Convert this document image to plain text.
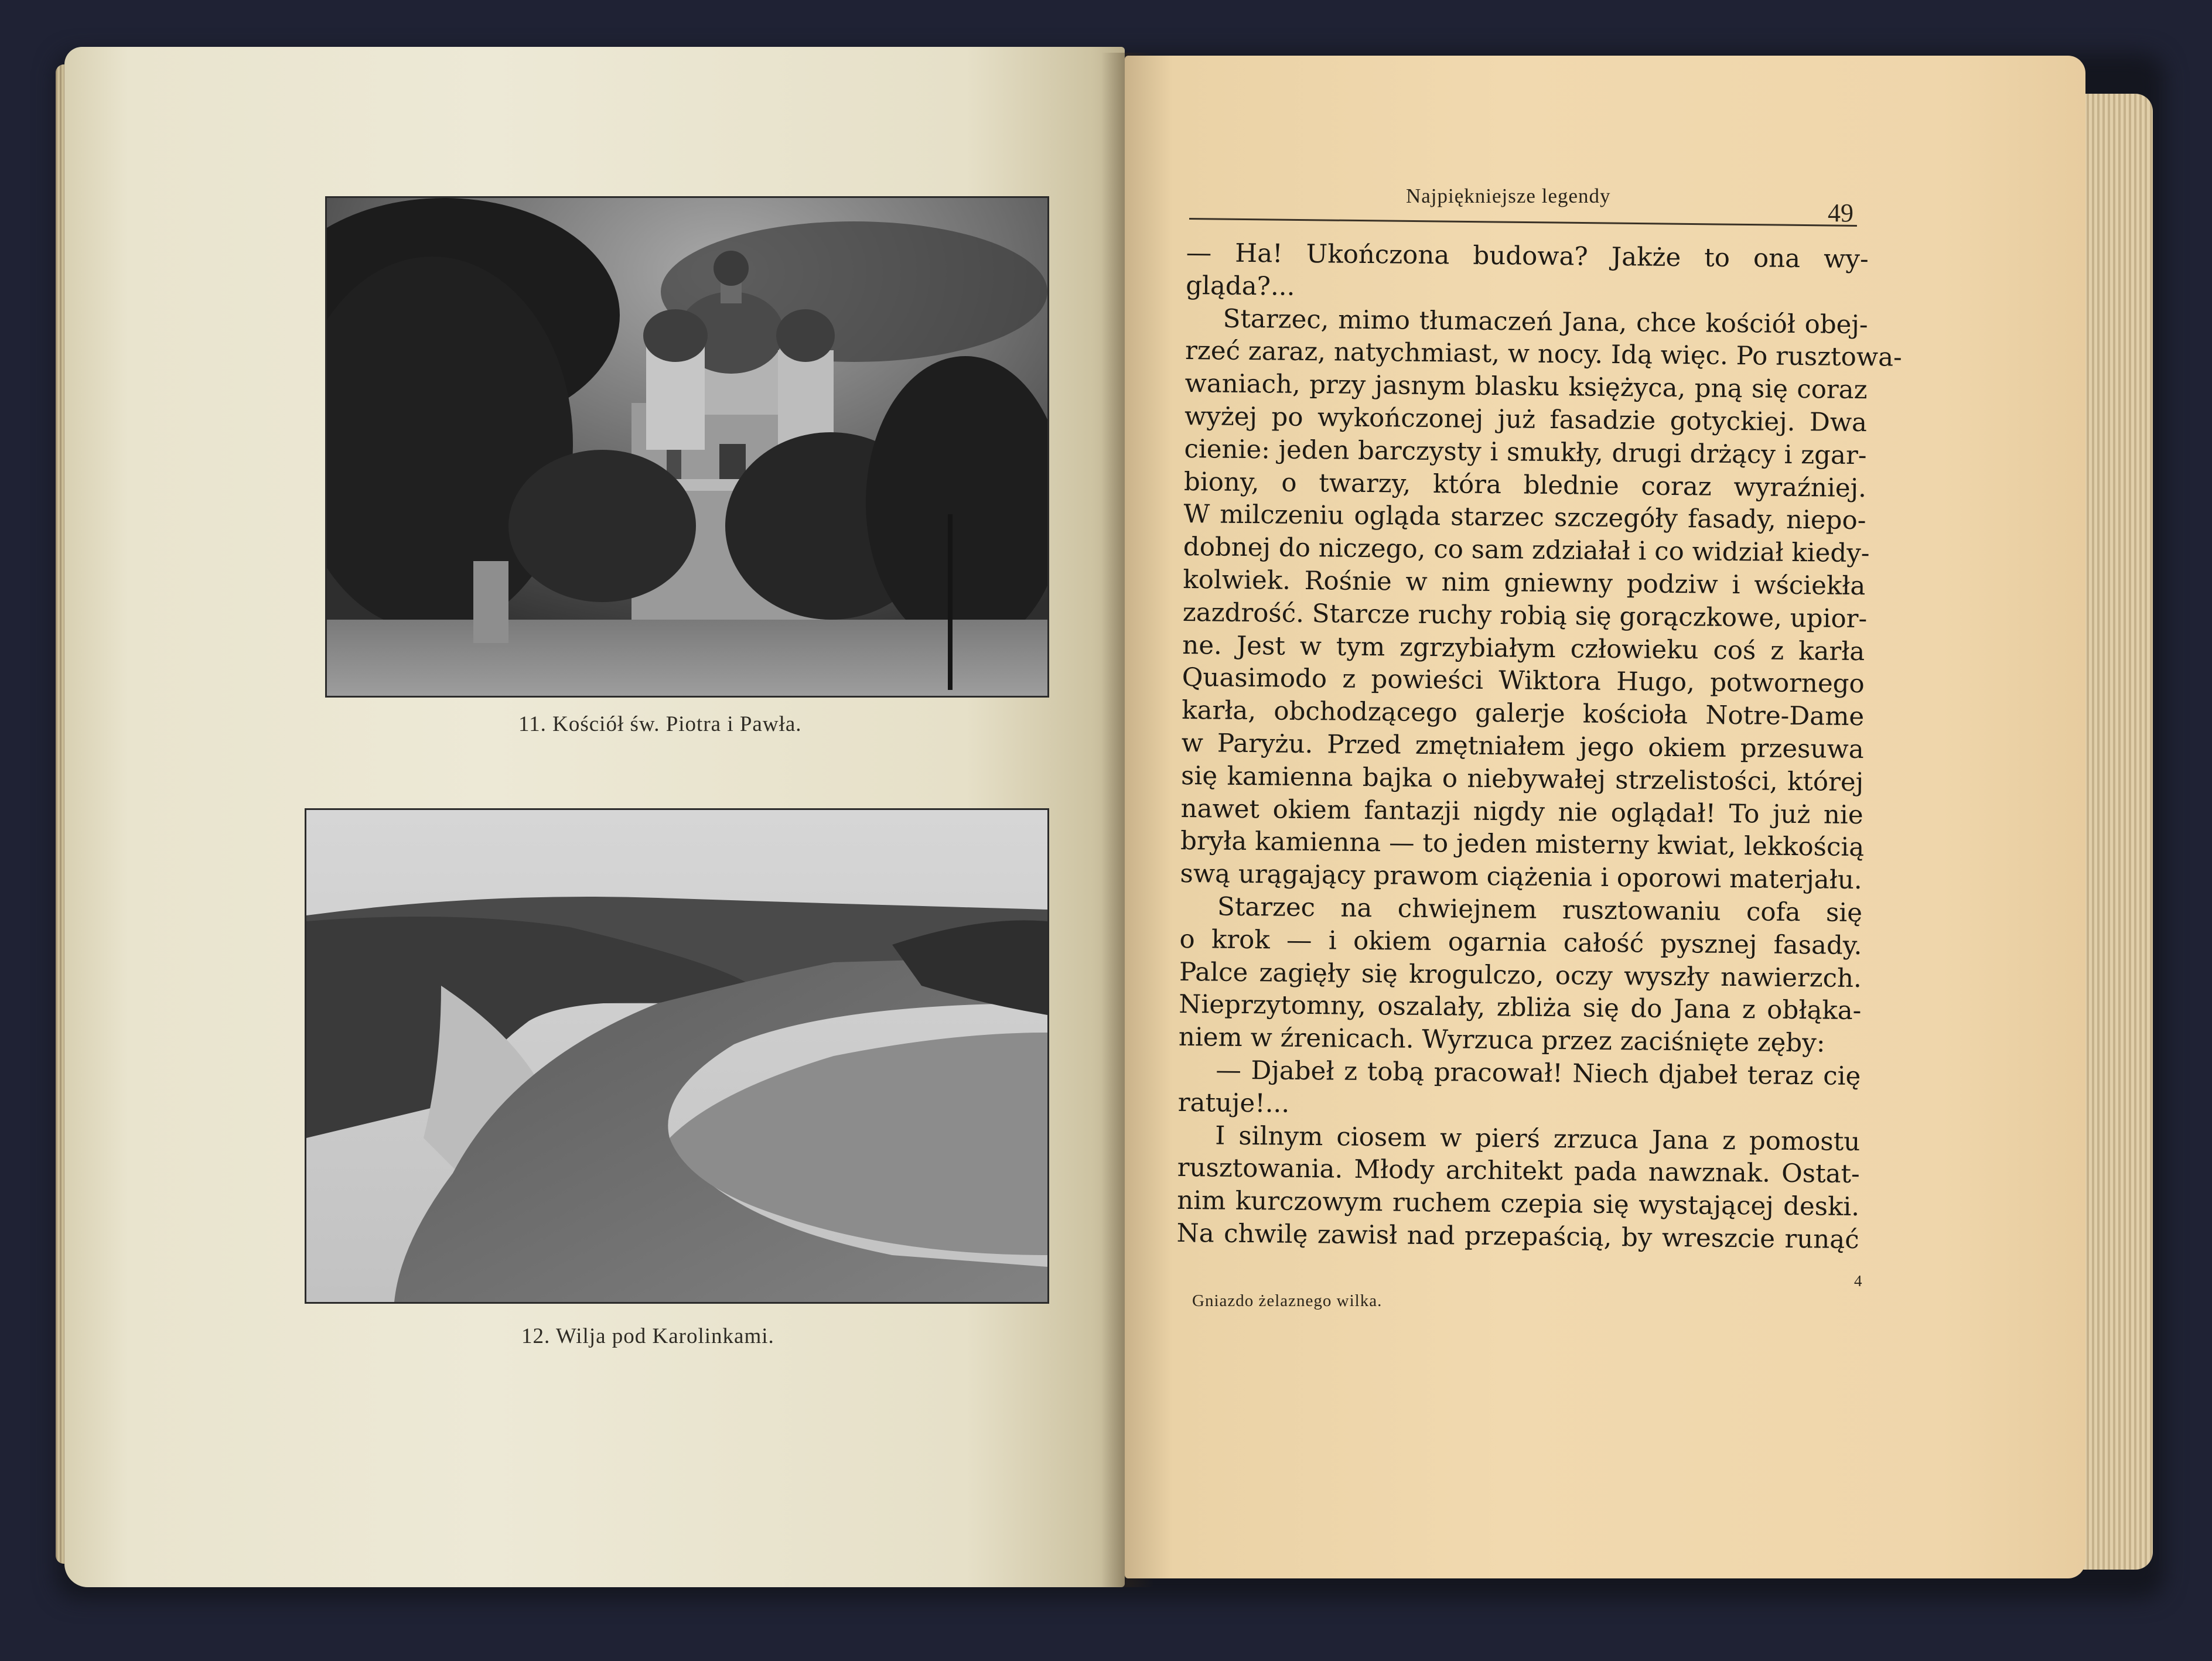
11. Kościół św. Piotra i Pawła.
12. Wilja pod Karolinkami.
Najpiękniejsze legendy
49
— Ha! Ukończona budowa? Jakże to ona wy-
gląda?...
Starzec, mimo tłumaczeń Jana, chce kościół obej-
rzeć zaraz, natychmiast, w nocy. Idą więc. Po rusztowa-
waniach, przy jasnym blasku księżyca, pną się coraz
wyżej po wykończonej już fasadzie gotyckiej. Dwa
cienie: jeden barczysty i smukły, drugi drżący i zgar-
biony, o twarzy, która blednie coraz wyraźniej.
W milczeniu ogląda starzec szczegóły fasady, niepo-
dobnej do niczego, co sam zdziałał i co widział kiedy-
kolwiek. Rośnie w nim gniewny podziw i wściekła
zazdrość. Starcze ruchy robią się gorączkowe, upior-
ne. Jest w tym zgrzybiałym człowieku coś z karła
Quasimodo z powieści Wiktora Hugo, potwornego
karła, obchodzącego galerje kościoła Notre-Dame
w Paryżu. Przed zmętniałem jego okiem przesuwa
się kamienna bajka o niebywałej strzelistości, której
nawet okiem fantazji nigdy nie oglądał! To już nie
bryła kamienna — to jeden misterny kwiat, lekkością
swą urągający prawom ciążenia i oporowi materjału.
Starzec na chwiejnem rusztowaniu cofa się
o krok — i okiem ogarnia całość pysznej fasady.
Palce zagięły się krogulczo, oczy wyszły nawierzch.
Nieprzytomny, oszalały, zbliża się do Jana z obłąka-
niem w źrenicach. Wyrzuca przez zaciśnięte zęby:
— Djabeł z tobą pracował! Niech djabeł teraz cię
ratuje!...
I silnym ciosem w pierś zrzuca Jana z pomostu
rusztowania. Młody architekt pada nawznak. Ostat-
nim kurczowym ruchem czepia się wystającej deski.
Na chwilę zawisł nad przepaścią, by wreszcie runąć
Gniazdo żelaznego wilka.
4
